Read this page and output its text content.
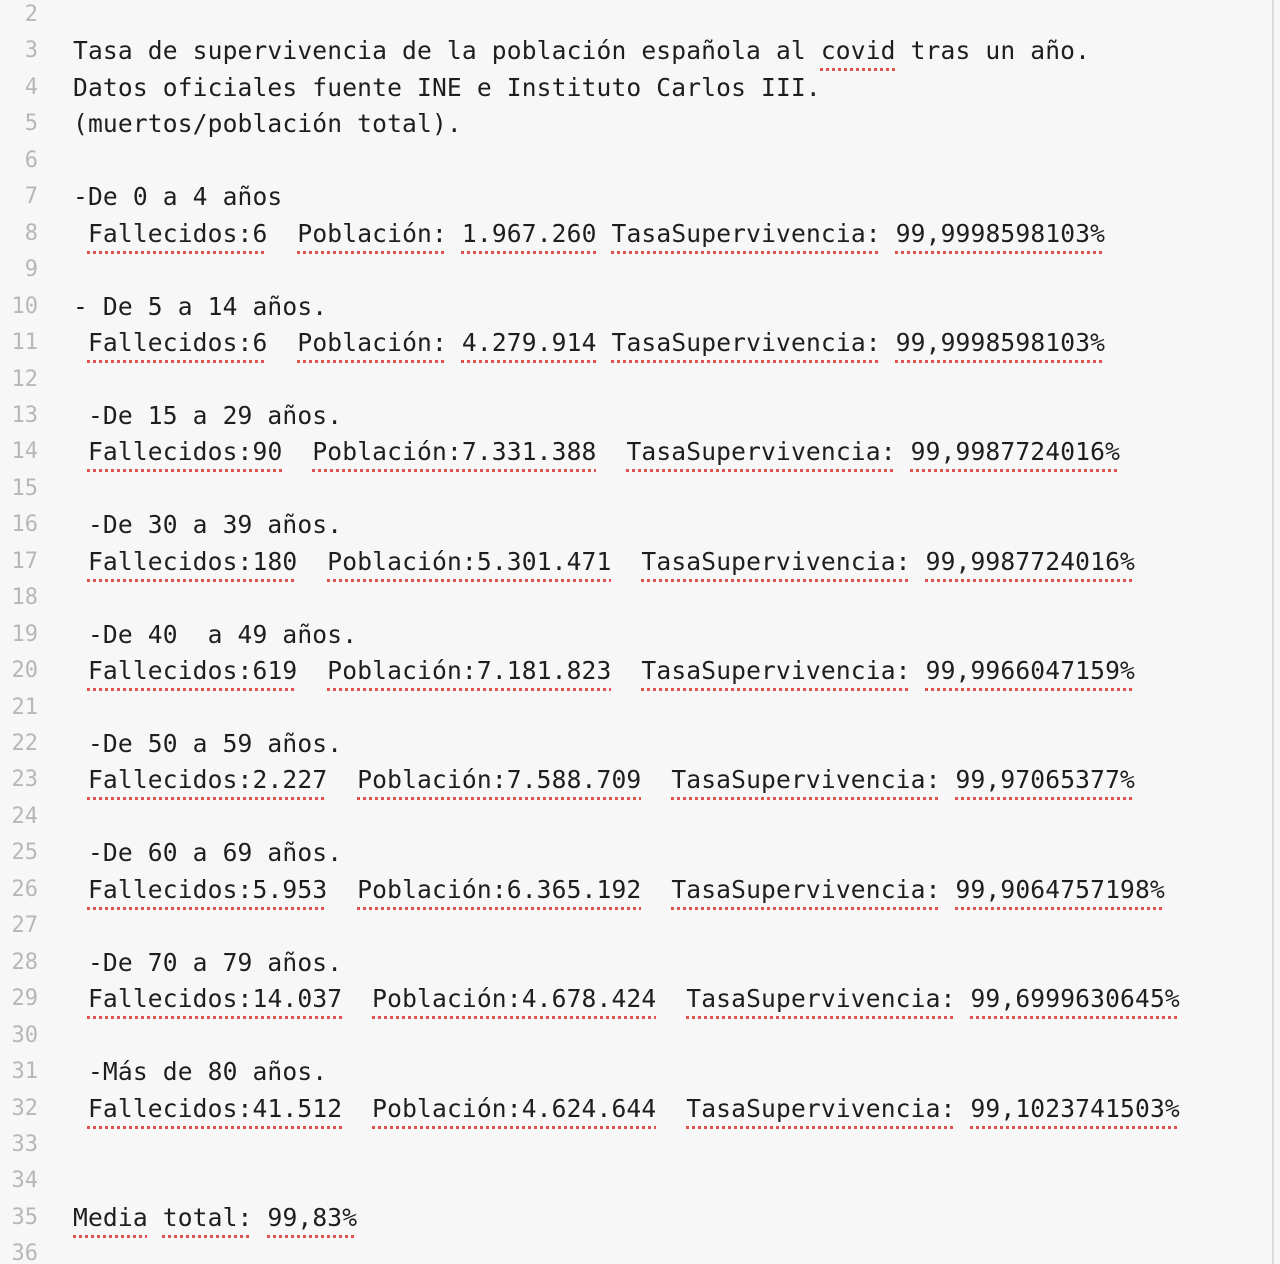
2
3 Tasa de supervivencia de la población española al covid tras un año.
4 Datos oficiales fuente INE e Instituto Carlos III.
5 (muertos/población total).
6
7 -De 0 a 4 años
8	Fallecidos:6 Población: 1.967.260 TasaSupervivencia: 99,9998598103%
9
10 - De 5 a 14 años.
11	Fallecidos:6 Población: 4.279.914 TasaSupervivencia: 99,9998598103%
12
13 -De 15 a 29 años.
14	Fallecidos:90 Población:7.331.388 TasaSupervivencia: 99,9987724016%
15
16 -De 30 a 39 años.
17	Fallecidos:180 Población:5.301.471 TasaSupervivencia: 99,9987724016%
18
19 -De 40  a 49 años.
20	Fallecidos:619 Población:7.181.823 TasaSupervivencia: 99,9966047159%
21
22 -De 50 a 59 años.
23	Fallecidos:2.227 Población:7.588.709 TasaSupervivencia: 99,97065377%
24
25 -De 60 a 69 años.
26	Fallecidos:5.953 Población:6.365.192 TasaSupervivencia: 99,9064757198%
27
28 -De 70 a 79 años.
29	Fallecidos:14.037 Población:4.678.424 TasaSupervivencia: 99,6999630645%
30
31 -Más de 80 años.
32	Fallecidos:41.512 Población:4.624.644 TasaSupervivencia: 99,1023741503%
33
34
35 Media total: 99,83%
36
